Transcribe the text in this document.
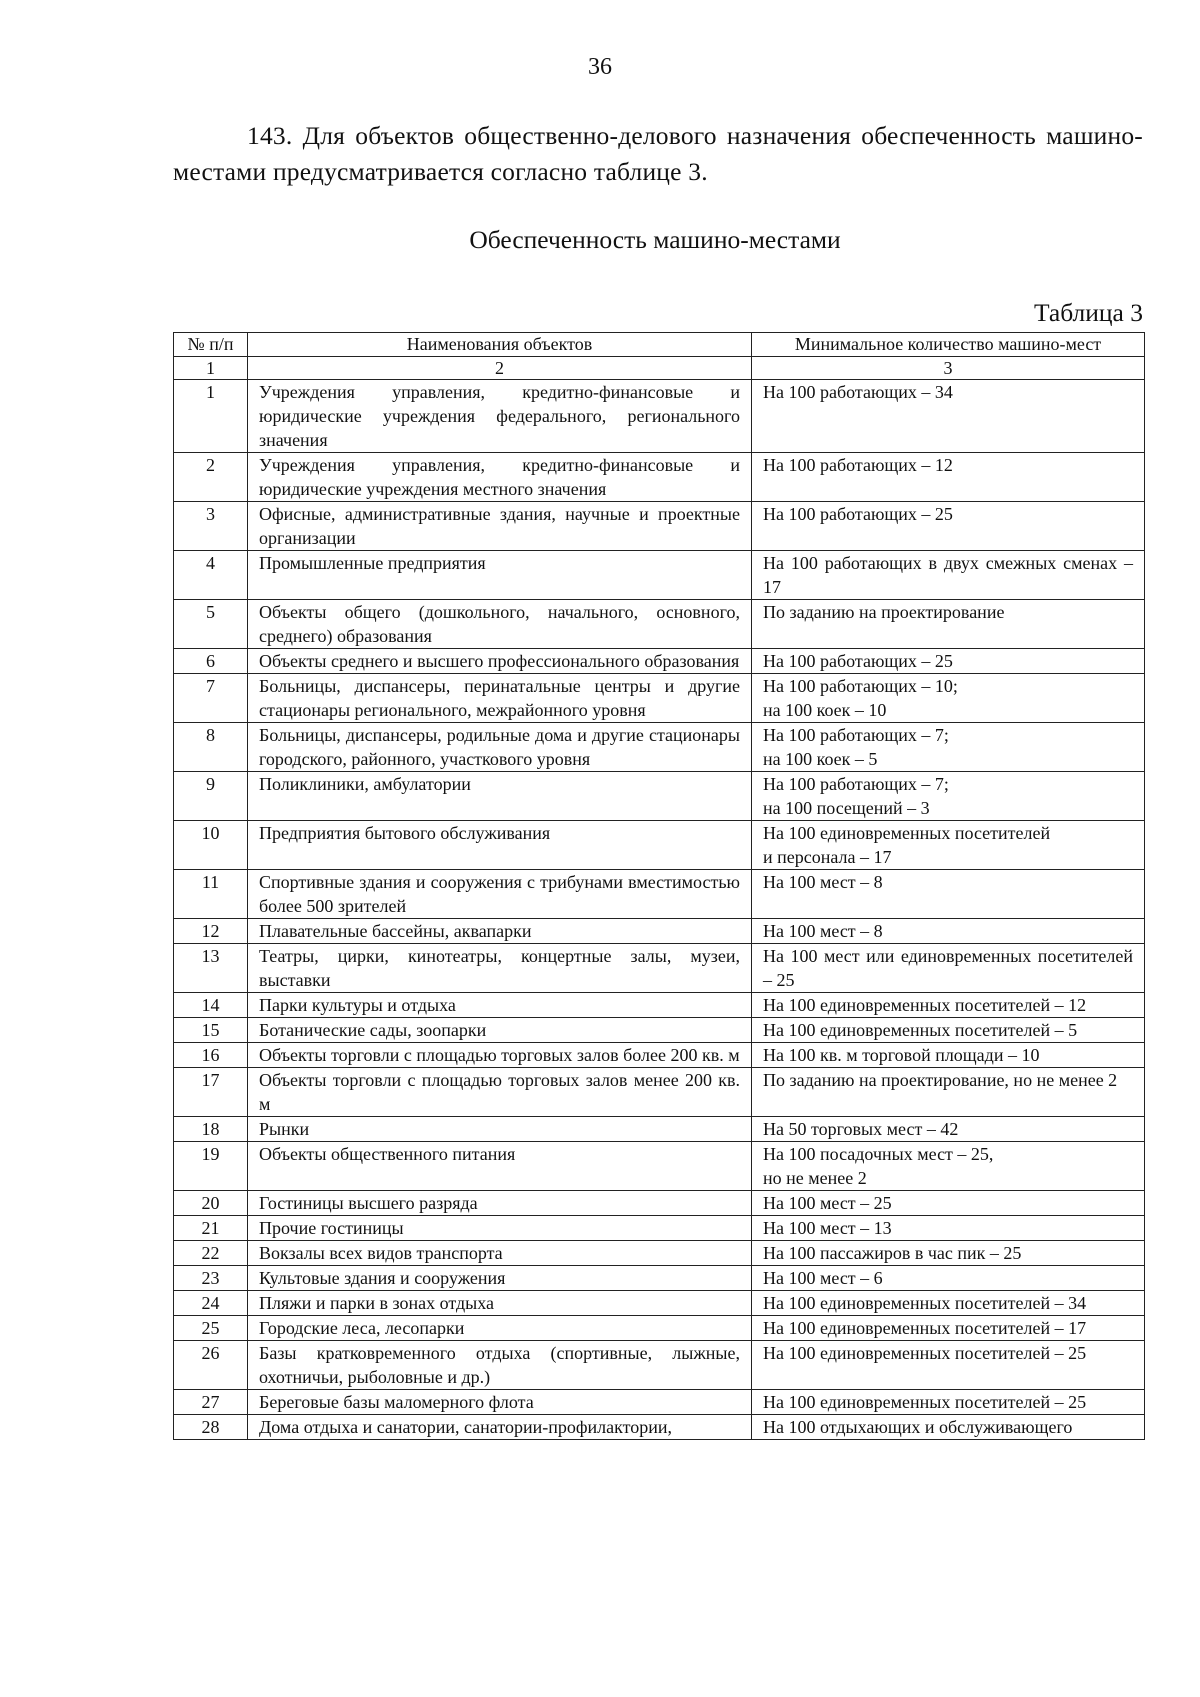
36

143. Для объектов общественно-делового назначения обеспеченность машино-местами предусматривается согласно таблице 3.

Обеспеченность машино-местами
Таблица 3
№ п/п	Наименования объектов	Минимальное количество машино-мест
1	2	3
1	Учреждения управления, кредитно-финансовые и юридические учреждения федерального, регионального значения	На 100 работающих – 34
2	Учреждения управления, кредитно-финансовые и юридические учреждения местного значения	На 100 работающих – 12
3	Офисные, административные здания, научные и проектные организации	На 100 работающих – 25
4	Промышленные предприятия	На 100 работающих в двух смежных сменах – 17
5	Объекты общего (дошкольного, начального, основного, среднего) образования	По заданию на проектирование
6	Объекты среднего и высшего профессионального образования	На 100 работающих – 25
7	Больницы, диспансеры, перинатальные центры и другие стационары регионального, межрайонного уровня	На 100 работающих – 10;
на 100 коек – 10
8	Больницы, диспансеры, родильные дома и другие стационары городского, районного, участкового уровня	На 100 работающих – 7;
на 100 коек – 5
9	Поликлиники, амбулатории	На 100 работающих – 7;
на 100 посещений – 3
10	Предприятия бытового обслуживания	На 100 единовременных посетителей
и персонала – 17
11	Спортивные здания и сооружения с трибунами вместимостью более 500 зрителей	На 100 мест – 8
12	Плавательные бассейны, аквапарки	На 100 мест – 8
13	Театры, цирки, кинотеатры, концертные залы, музеи, выставки	На 100 мест или единовременных посетителей – 25
14	Парки культуры и отдыха	На 100 единовременных посетителей – 12
15	Ботанические сады, зоопарки	На 100 единовременных посетителей – 5
16	Объекты торговли с площадью торговых залов более 200 кв. м	На 100 кв. м торговой площади – 10
17	Объекты торговли с площадью торговых залов менее 200 кв. м	По заданию на проектирование, но не менее 2
18	Рынки	На 50 торговых мест – 42
19	Объекты общественного питания	На 100 посадочных мест – 25,
но не менее 2
20	Гостиницы высшего разряда	На 100 мест – 25
21	Прочие гостиницы	На 100 мест – 13
22	Вокзалы всех видов транспорта	На 100 пассажиров в час пик – 25
23	Культовые здания и сооружения	На 100 мест – 6
24	Пляжи и парки в зонах отдыха	На 100 единовременных посетителей – 34
25	Городские леса, лесопарки	На 100 единовременных посетителей – 17
26	Базы кратковременного отдыха (спортивные, лыжные, охотничьи, рыболовные и др.)	На 100 единовременных посетителей – 25
27	Береговые базы маломерного флота	На 100 единовременных посетителей – 25
28	Дома отдыха и санатории, санатории-профилактории,	На 100 отдыхающих и обслуживающего
